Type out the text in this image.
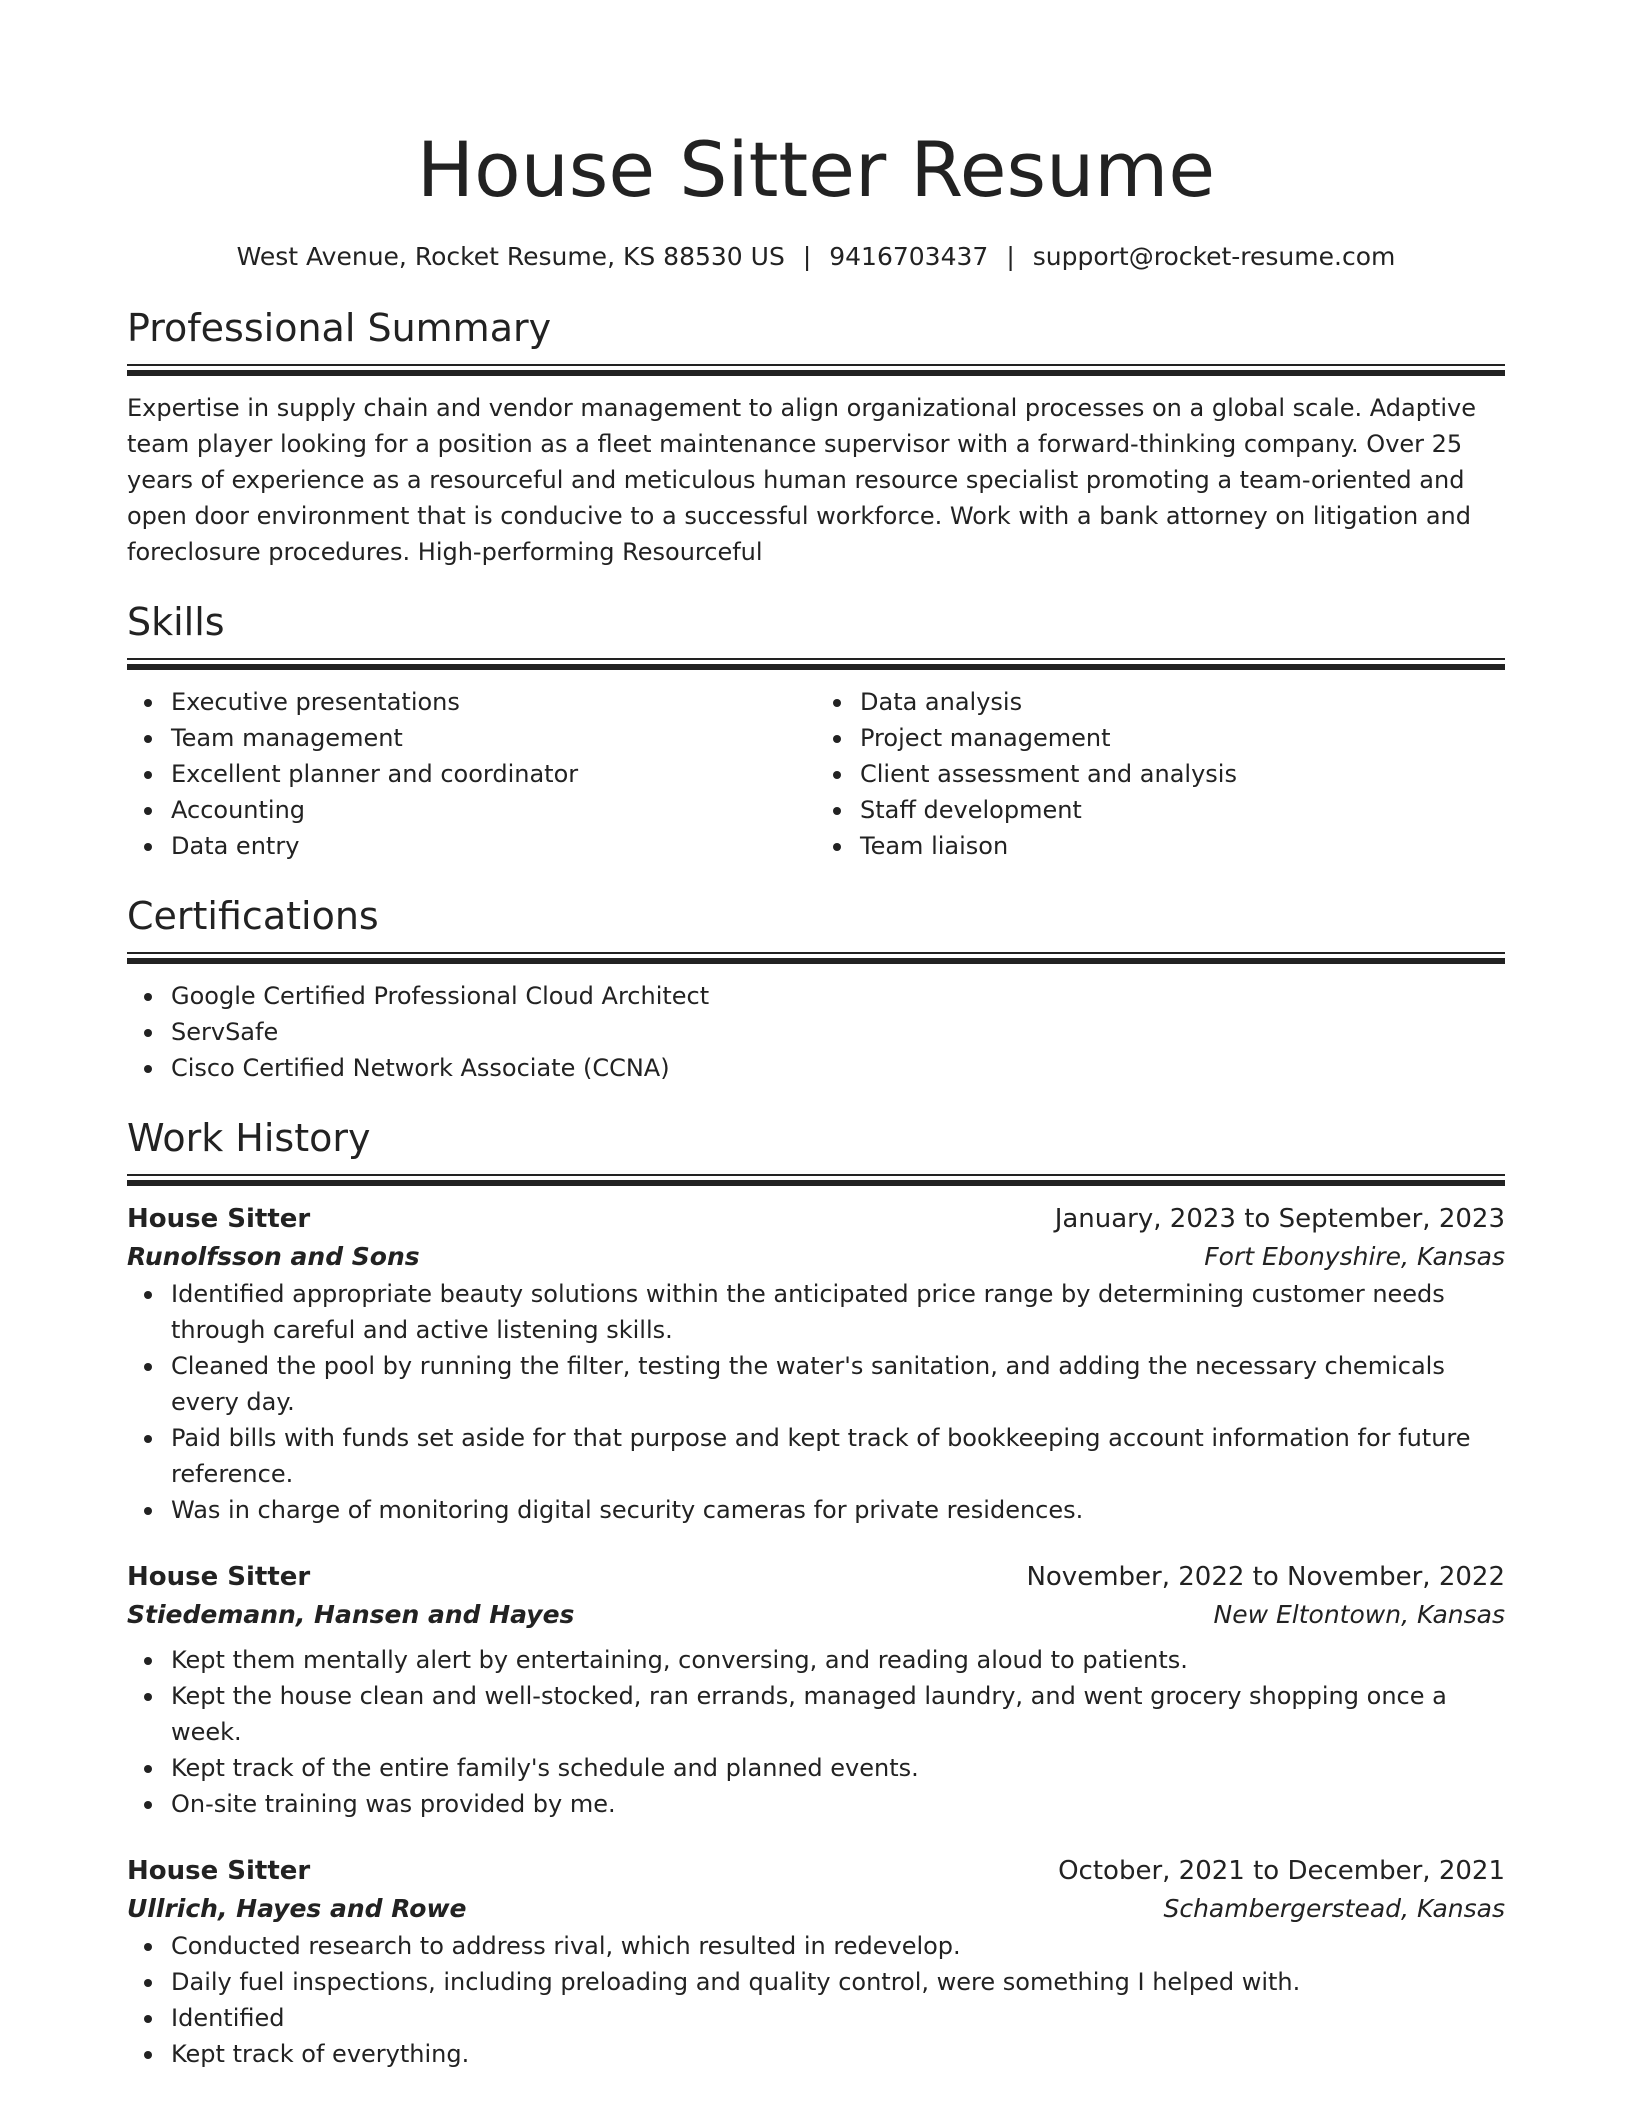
House Sitter Resume
West Avenue, Rocket Resume, KS 88530 US | 9416703437 | support@rocket-resume.com
Professional Summary

Expertise in supply chain and vendor management to align organizational processes on a global scale. Adaptive team player looking for a position as a fleet maintenance supervisor with a forward-thinking company. Over 25 years of experience as a resourceful and meticulous human resource specialist promoting a team-oriented and open door environment that is conducive to a successful workforce. Work with a bank attorney on litigation and foreclosure procedures. High-performing Resourceful

Skills
Executive presentations
Team management
Excellent planner and coordinator
Accounting
Data entry
Data analysis
Project management
Client assessment and analysis
Staff development
Team liaison
Certifications
Google Certified Professional Cloud Architect
ServSafe
Cisco Certified Network Associate (CCNA)
Work History
House Sitter	January, 2023 to September, 2023
Runolfsson and Sons	Fort Ebonyshire, Kansas
Identified appropriate beauty solutions within the anticipated price range by determining customer needs through careful and active listening skills.
Cleaned the pool by running the filter, testing the water's sanitation, and adding the necessary chemicals every day.
Paid bills with funds set aside for that purpose and kept track of bookkeeping account information for future reference.
Was in charge of monitoring digital security cameras for private residences.
House Sitter	November, 2022 to November, 2022
Stiedemann, Hansen and Hayes	New Eltontown, Kansas
Kept them mentally alert by entertaining, conversing, and reading aloud to patients.
Kept the house clean and well-stocked, ran errands, managed laundry, and went grocery shopping once a week.
Kept track of the entire family's schedule and planned events.
On-site training was provided by me.
House Sitter	October, 2021 to December, 2021
Ullrich, Hayes and Rowe	Schambergerstead, Kansas
Conducted research to address rival, which resulted in redevelop.
Daily fuel inspections, including preloading and quality control, were something I helped with.
Identified
Kept track of everything.
